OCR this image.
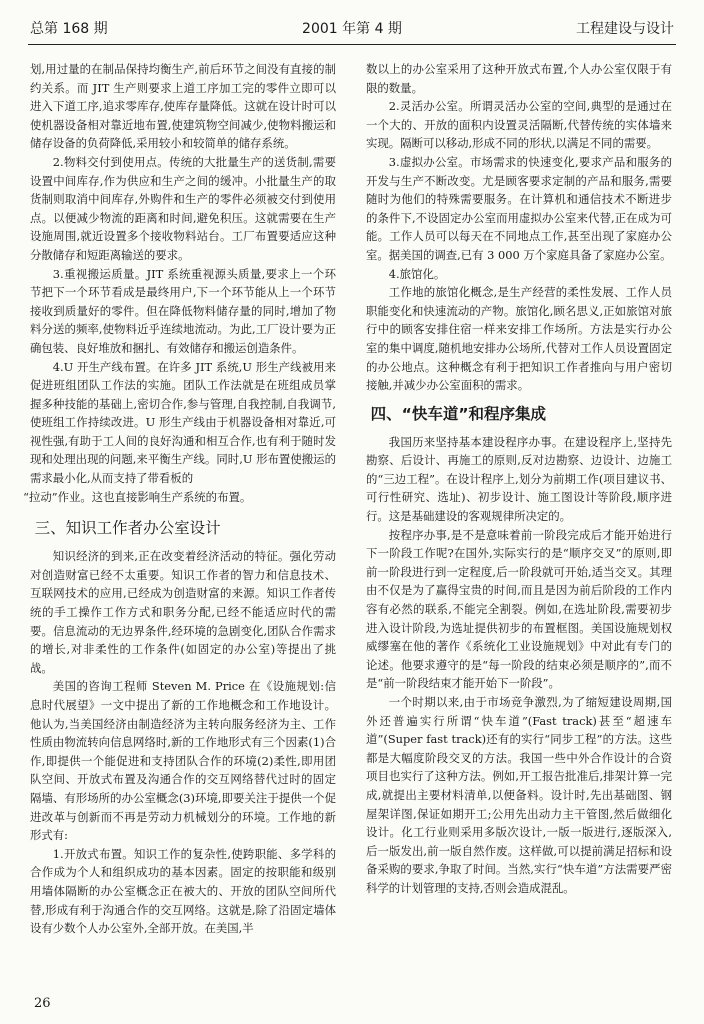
总第 168 期	2001 年第 4 期	工程建设与设计

划,用过量的在制品保持均衡生产,前后环节之间没有直接的制约关系。而 JIT 生产则要求上道工序加工完的零件立即可以进入下道工序,追求零库存,使库存量降低。这就在设计时可以使机器设备相对靠近地布置,使建筑物空间减少,使物料搬运和储存设备的负荷降低,采用较小和较简单的储存系统。

2.物料交付到使用点。传统的大批量生产的送货制,需要设置中间库存,作为供应和生产之间的缓冲。小批量生产的取货制则取消中间库存,外购件和生产的零件必须被交付到使用点。以便减少物流的距离和时间,避免积压。这就需要在生产设施周围,就近设置多个接收物料站台。工厂布置要适应这种分散储存和短距离输送的要求。

3.重视搬运质量。JIT 系统重视源头质量,要求上一个环节把下一个环节看成是最终用户,下一个环节能从上一个环节接收到质量好的零件。但在降低物料储存量的同时,增加了物料分送的频率,使物料近乎连续地流动。为此,工厂设计要为正确包装、良好堆放和捆扎、有效储存和搬运创造条件。

4.U 开生产线布置。在许多 JIT 系统,U 形生产线被用来促进班组团队工作法的实施。团队工作法就是在班组成员掌握多种技能的基础上,密切合作,参与管理,自我控制,自我调节,使班组工作持续改进。U 形生产线由于机器设备相对靠近,可视性强,有助于工人间的良好沟通和相互合作,也有利于随时发现和处理出现的问题,来平衡生产线。同时,U 形布置使搬运的需求最小化,从而支持了带看板的

“拉动”作业。这也直接影响生产系统的布置。

三、知识工作者办公室设计

知识经济的到来,正在改变着经济活动的特征。强化劳动对创造财富已经不太重要。知识工作者的智力和信息技术、互联网技术的应用,已经成为创造财富的来源。知识工作者传统的手工操作工作方式和职务分配,已经不能适应时代的需要。信息流动的无边界条件,经环境的急剧变化,团队合作需求的增长,对非柔性的工作条件(如固定的办公室)等提出了挑战。

美国的咨询工程师 Steven M. Price 在《设施规划:信息时代展望》一文中提出了新的工作地概念和工作地设计。他认为,当美国经济由制造经济为主转向服务经济为主、工作性质由物流转向信息网络时,新的工作地形式有三个因素(1)合作,即提供一个能促进和支持团队合作的环境(2)柔性,即用团队空间、开放式布置及沟通合作的交互网络替代过时的固定隔墙、有形场所的办公室概念(3)环境,即要关注于提供一个促进改革与创新而不再是劳动力机械划分的环境。工作地的新形式有:

1.开放式布置。知识工作的复杂性,使跨职能、多学科的合作成为个人和组织成功的基本因素。固定的按职能和级别用墙体隔断的办公室概念正在被大的、开放的团队空间所代替,形成有利于沟通合作的交互网络。这就是,除了沿固定墙体设有少数个人办公室外,全部开放。在美国,半

数以上的办公室采用了这种开放式布置,个人办公室仅限于有限的数量。

2.灵活办公室。所谓灵活办公室的空间,典型的是通过在一个大的、开放的面积内设置灵活隔断,代替传统的实体墙来实现。隔断可以移动,形成不同的形状,以满足不同的需要。

3.虚拟办公室。市场需求的快速变化,要求产品和服务的开发与生产不断改变。尤是顾客要求定制的产品和服务,需要随时为他们的特殊需要服务。在计算机和通信技术不断进步的条件下,不设固定办公室而用虚拟办公室来代替,正在成为可能。工作人员可以每天在不同地点工作,甚至出现了家庭办公室。据美国的调查,已有 3 000 万个家庭具备了家庭办公室。

4.旅馆化。

工作地的旅馆化概念,是生产经营的柔性发展、工作人员职能变化和快速流动的产物。旅馆化,顾名思义,正如旅馆对旅行中的顾客安排住宿一样来安排工作场所。方法是实行办公室的集中调度,随机地安排办公场所,代替对工作人员设置固定的办公地点。这种概念有利于把知识工作者推向与用户密切接触,并减少办公室面积的需求。

四、“快车道”和程序集成

我国历来坚持基本建设程序办事。在建设程序上,坚持先勘察、后设计、再施工的原则,反对边勘察、边设计、边施工的“三边工程”。在设计程序上,划分为前期工作(项目建议书、可行性研究、选址)、初步设计、施工图设计等阶段,顺序进行。这是基础建设的客观规律所决定的。

按程序办事,是不是意味着前一阶段完成后才能开始进行下一阶段工作呢?在国外,实际实行的是“顺序交叉”的原则,即前一阶段进行到一定程度,后一阶段就可开始,适当交叉。其理由不仅是为了赢得宝贵的时间,而且是因为前后阶段的工作内容有必然的联系,不能完全割裂。例如,在选址阶段,需要初步进入设计阶段,为选址提供初步的布置框图。美国设施规划权威缪塞在他的著作《系统化工业设施规划》中对此有专门的论述。他要求遵守的是“每一阶段的结束必须是顺序的”,而不是“前一阶段结束才能开始下一阶段”。

一个时期以来,由于市场竞争激烈,为了缩短建设周期,国外还普遍实行所谓“快车道”(Fast track)甚至“超速车道”(Super fast track)还有的实行“同步工程”的方法。这些都是大幅度阶段交叉的方法。我国一些中外合作设计的合资项目也实行了这种方法。例如,开工报告批准后,排架计算一完成,就提出主要材料清单,以便备料。设计时,先出基础图、钢屋架详图,保证如期开工;公用先出动力主干管图,然后做细化设计。化工行业则采用多版次设计,一版一版进行,逐版深入,后一版发出,前一版自然作废。这样做,可以提前满足招标和设备采购的要求,争取了时间。当然,实行“快车道”方法需要严密科学的计划管理的支持,否则会造成混乱。

26
